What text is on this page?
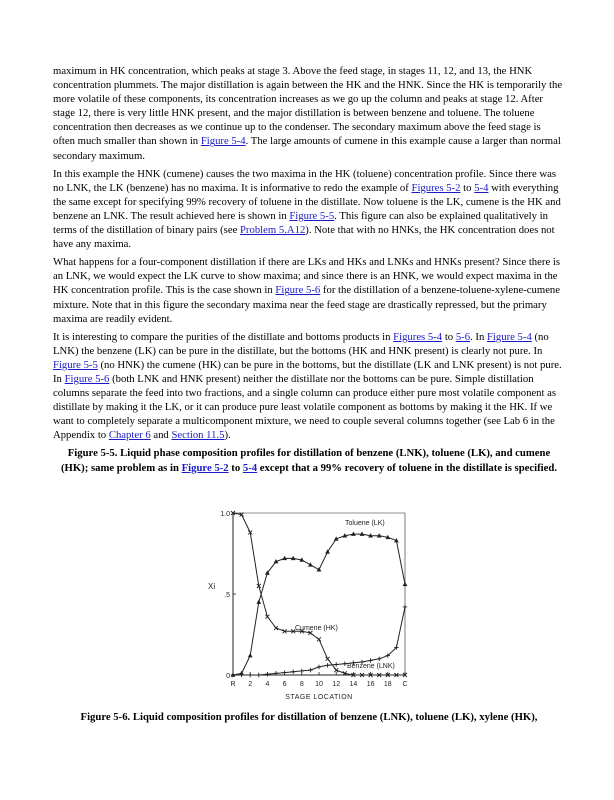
maximum in HK concentration, which peaks at stage 3. Above the feed stage, in stages 11, 12, and 13, the HNK concentration plummets. The major distillation is again between the HK and the HNK. Since the HK is temporarily the more volatile of these components, its concentration increases as we go up the column and peaks at stage 12. After stage 12, there is very little HNK present, and the major distillation is between benzene and toluene. The toluene concentration then decreases as we continue up to the condenser. The secondary maximum above the feed stage is often much smaller than shown in Figure 5-4. The large amounts of cumene in this example cause a larger than normal secondary maximum.

In this example the HNK (cumene) causes the two maxima in the HK (toluene) concentration profile. Since there was no LNK, the LK (benzene) has no maxima. It is informative to redo the example of Figures 5-2 to 5-4 with everything the same except for specifying 99% recovery of toluene in the distillate. Now toluene is the LK, cumene is the HK and benzene an LNK. The result achieved here is shown in Figure 5-5. This figure can also be explained qualitatively in terms of the distillation of binary pairs (see Problem 5.A12). Note that with no HNKs, the HK concentration does not have any maxima.

What happens for a four-component distillation if there are LKs and HKs and LNKs and HNKs present? Since there is an LNK, we would expect the LK curve to show maxima; and since there is an HNK, we would expect maxima in the HK concentration profile. This is the case shown in Figure 5-6 for the distillation of a benzene-toluene-xylene-cumene mixture. Note that in this figure the secondary maxima near the feed stage are drastically repressed, but the primary maxima are readily evident.

It is interesting to compare the purities of the distillate and bottoms products in Figures 5-4 to 5-6. In Figure 5-4 (no LNK) the benzene (LK) can be pure in the distillate, but the bottoms (HK and HNK present) is clearly not pure. In Figure 5-5 (no HNK) the cumene (HK) can be pure in the bottoms, but the distillate (LK and LNK present) is not pure. In Figure 5-6 (both LNK and HNK present) neither the distillate nor the bottoms can be pure. Simple distillation columns separate the feed into two fractions, and a single column can produce either pure most volatile component as distillate by making it the LK, or it can produce pure least volatile component as bottoms by making it the HK. If we want to completely separate a multicomponent mixture, we need to couple several columns together (see Lab 6 in the Appendix to Chapter 6 and Section 11.5).

Figure 5-5. Liquid phase composition profiles for distillation of benzene (LNK), toluene (LK), and cumene (HK); same problem as in Figure 5-2 to 5-4 except that a 99% recovery of toluene in the distillate is specified.
R 2 4 6 8 10 12 14 16 18 C
0
.5
1.0
Xi
STAGE LOCATION
Toluene (LK)
Cumene (HK)
Benzene (LNK)

Figure 5-6. Liquid composition profiles for distillation of benzene (LNK), toluene (LK), xylene (HK),
